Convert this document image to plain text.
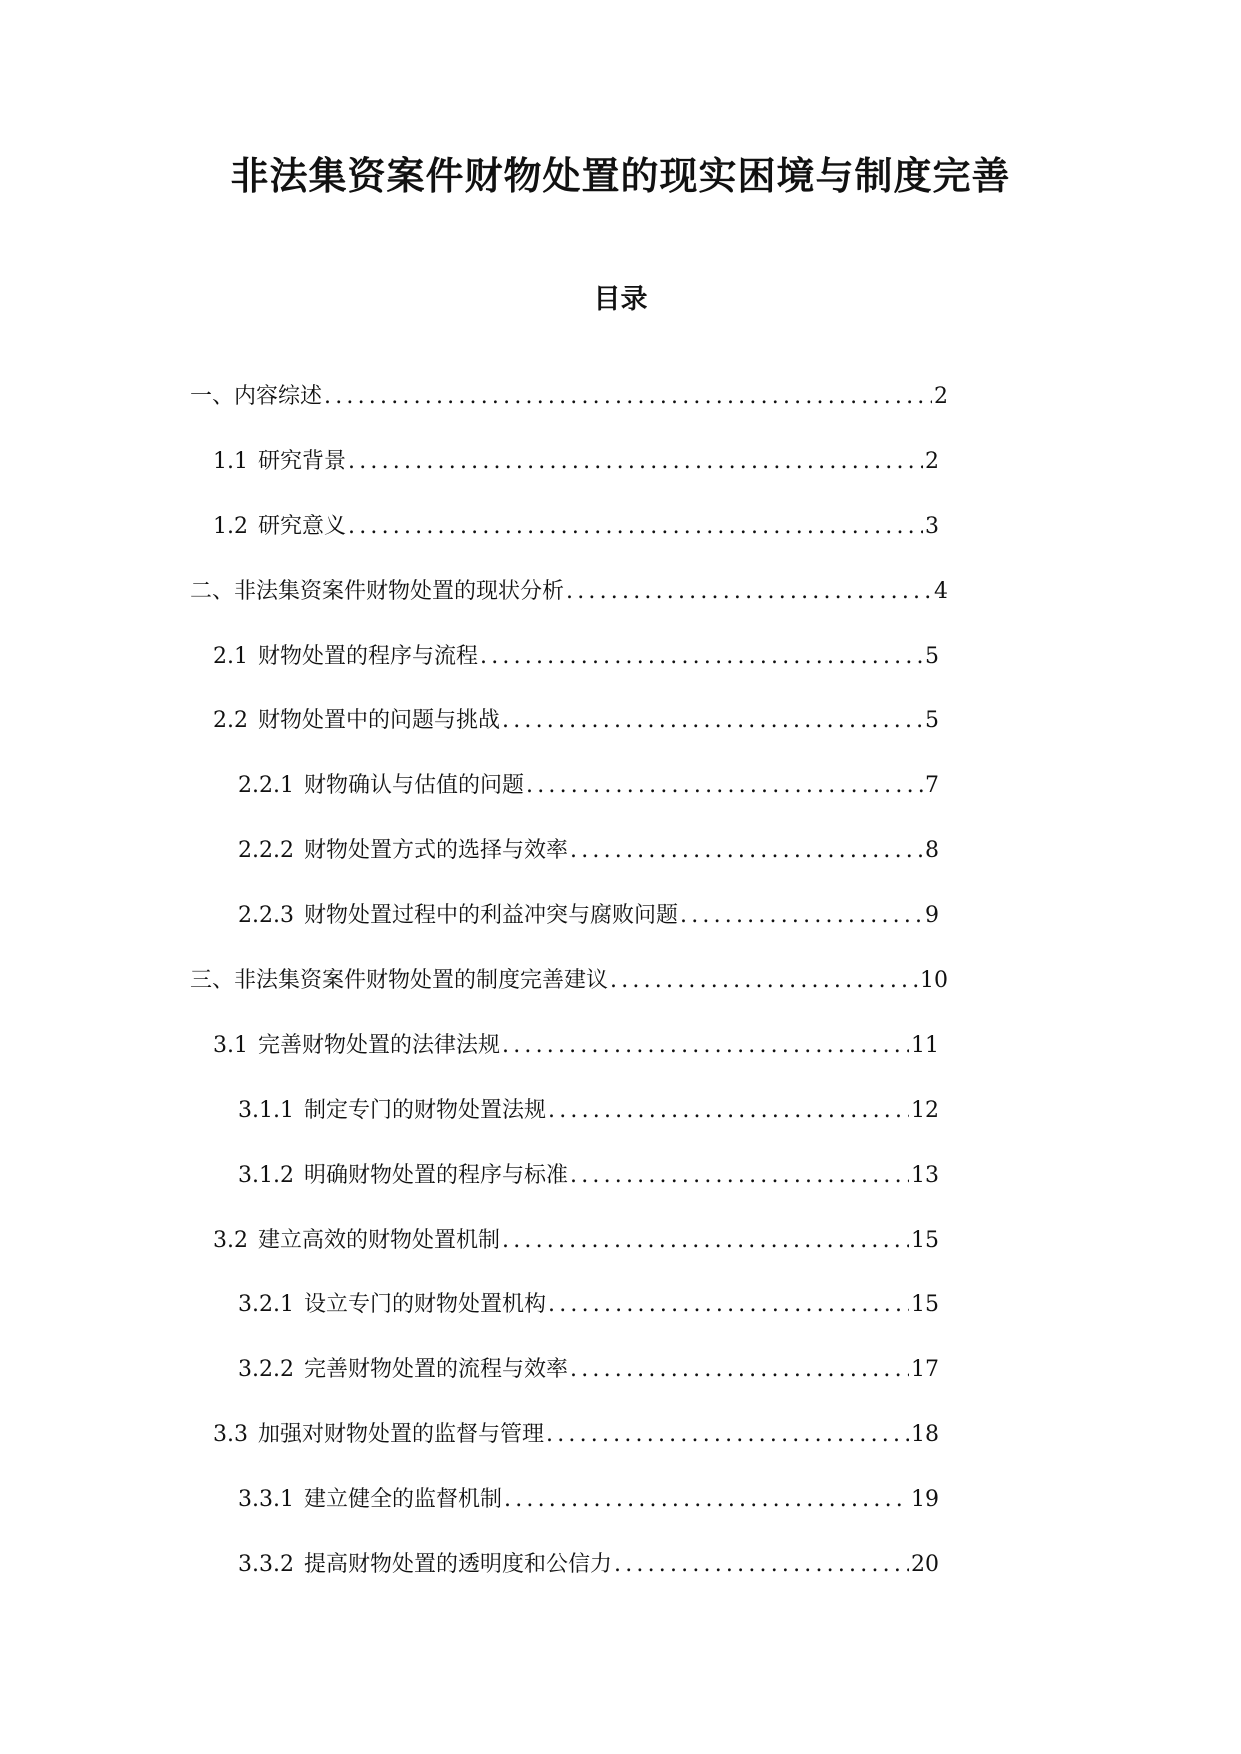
非法集资案件财物处置的现实困境与制度完善
目录
一、 内容综述 .....	2
1.1 研究背景 .....	2
1.2 研究意义 .....	3
二、 非法集资案件财物处置的现状分析 .....	4
2.1 财物处置的程序与流程 .....	5
2.2 财物处置中的问题与挑战 .....	5
2.2.1 财物确认与估值的问题 .....	7
2.2.2 财物处置方式的选择与效率 .....	8
2.2.3 财物处置过程中的利益冲突与腐败问题 .....	9
三、 非法集资案件财物处置的制度完善建议 .....	10
3.1 完善财物处置的法律法规 .....	11
3.1.1 制定专门的财物处置法规 .....	12
3.1.2 明确财物处置的程序与标准 .....	13
3.2 建立高效的财物处置机制 .....	15
3.2.1 设立专门的财物处置机构 .....	15
3.2.2 完善财物处置的流程与效率 .....	17
3.3 加强对财物处置的监督与管理 .....	18
3.3.1 建立健全的监督机制 .....	19
3.3.2 提高财物处置的透明度和公信力 .....	20
